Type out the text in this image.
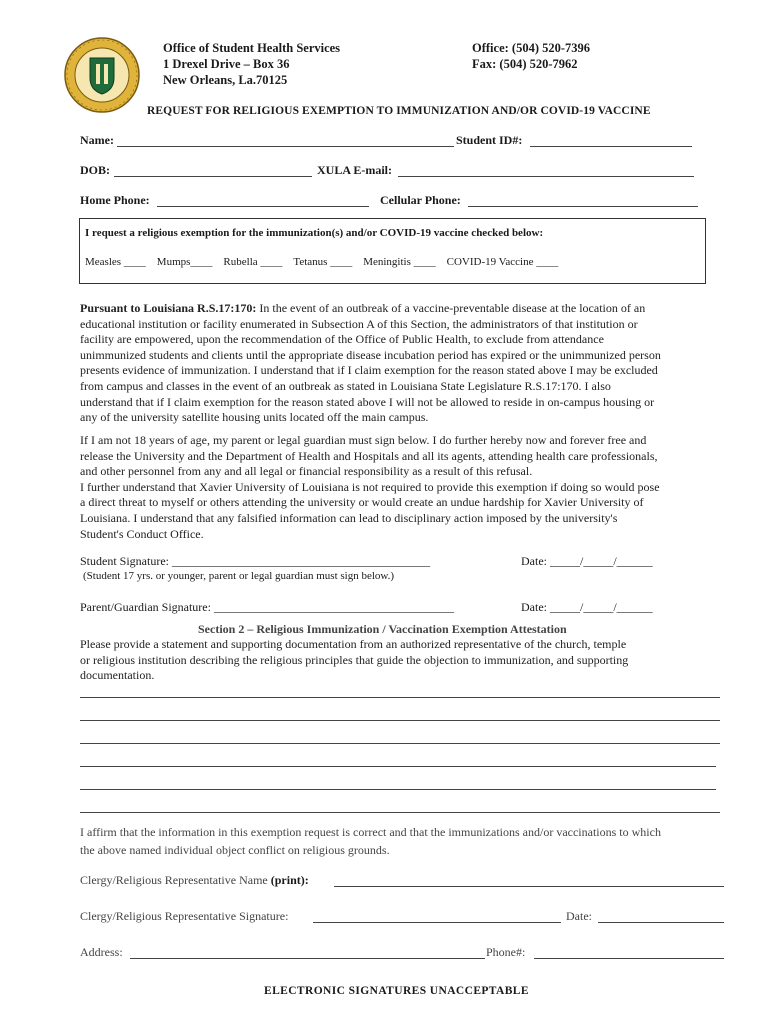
Office of Student Health Services
1 Drexel Drive – Box 36
New Orleans, La.70125
Office: (504) 520-7396
Fax: (504) 520-7962
REQUEST FOR RELIGIOUS EXEMPTION TO IMMUNIZATION AND/OR COVID-19 VACCINE
Name:	Student ID#:
DOB:	XULA E-mail:
Home Phone:	Cellular Phone:
I request a religious exemption for the immunization(s) and/or COVID-19 vaccine checked below:
Measles ____ Mumps____ Rubella ____ Tetanus ____ Meningitis ____ COVID-19 Vaccine ____
Pursuant to Louisiana R.S.17:170: In the event of an outbreak of a vaccine-preventable disease at the location of an
educational institution or facility enumerated in Subsection A of this Section, the administrators of that institution or
facility are empowered, upon the recommendation of the Office of Public Health, to exclude from attendance
unimmunized students and clients until the appropriate disease incubation period has expired or the unimmunized person
presents evidence of immunization. I understand that if I claim exemption for the reason stated above I may be excluded
from campus and classes in the event of an outbreak as stated in Louisiana State Legislature R.S.17:170. I also
understand that if I claim exemption for the reason stated above I will not be allowed to reside in on-campus housing or
any of the university satellite housing units located off the main campus.
If I am not 18 years of age, my parent or legal guardian must sign below. I do further hereby now and forever free and
release the University and the Department of Health and Hospitals and all its agents, attending health care professionals,
and other personnel from any and all legal or financial responsibility as a result of this refusal.
I further understand that Xavier University of Louisiana is not required to provide this exemption if doing so would pose
a direct threat to myself or others attending the university or would create an undue hardship for Xavier University of
Louisiana. I understand that any falsified information can lead to disciplinary action imposed by the university's
Student's Conduct Office.
Student Signature: ___________________________________________	Date: _____/_____/______
(Student 17 yrs. or younger, parent or legal guardian must sign below.)
Parent/Guardian Signature: ________________________________________	Date: _____/_____/______
Section 2 – Religious Immunization / Vaccination Exemption Attestation
Please provide a statement and supporting documentation from an authorized representative of the church, temple
or religious institution describing the religious principles that guide the objection to immunization, and supporting
documentation.
I affirm that the information in this exemption request is correct and that the immunizations and/or vaccinations to which
the above named individual object conflict on religious grounds.
Clergy/Religious Representative Name (print):
Clergy/Religious Representative Signature:	Date:
Address:	Phone#:
ELECTRONIC SIGNATURES UNACCEPTABLE
